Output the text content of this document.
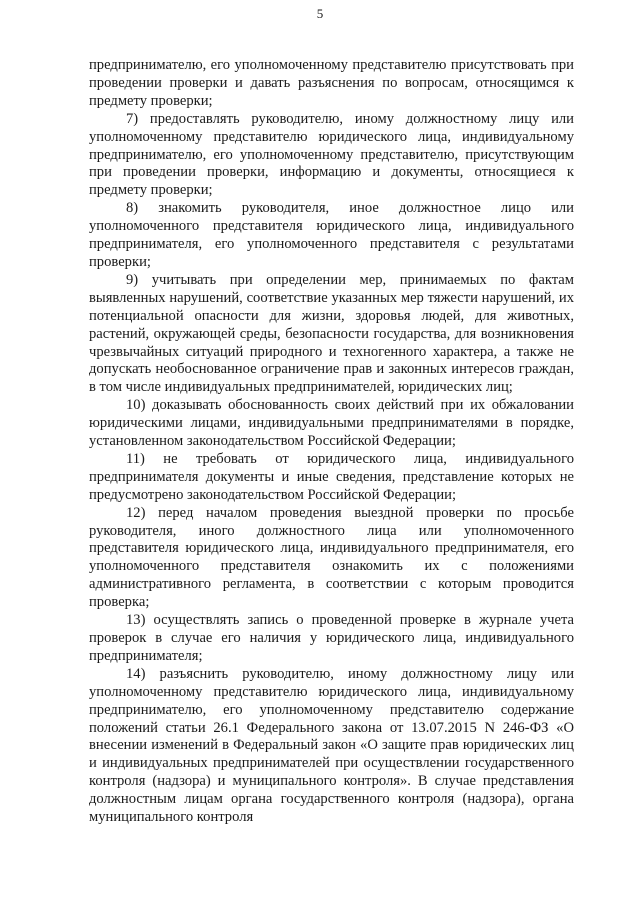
5

предпринимателю, его уполномоченному представителю присутствовать при проведении проверки и давать разъяснения по вопросам, относящимся к предмету проверки;

7) предоставлять руководителю, иному должностному лицу или уполномоченному представителю юридического лица, индивидуальному предпринимателю, его уполномоченному представителю, присутствующим при проведении проверки, информацию и документы, относящиеся к предмету проверки;

8) знакомить руководителя, иное должностное лицо или уполномоченного представителя юридического лица, индивидуального предпринимателя, его уполномоченного представителя с результатами проверки;

9) учитывать при определении мер, принимаемых по фактам выявленных нарушений, соответствие указанных мер тяжести нарушений, их потенциальной опасности для жизни, здоровья людей, для животных, растений, окружающей среды, безопасности государства, для возникновения чрезвычайных ситуаций природного и техногенного характера, а также не допускать необоснованное ограничение прав и законных интересов граждан, в том числе индивидуальных предпринимателей, юридических лиц;

10) доказывать обоснованность своих действий при их обжаловании юридическими лицами, индивидуальными предпринимателями в порядке, установленном законодательством Российской Федерации;

11) не требовать от юридического лица, индивидуального предпринимателя документы и иные сведения, представление которых не предусмотрено законодательством Российской Федерации;

12) перед началом проведения выездной проверки по просьбе руководителя, иного должностного лица или уполномоченного представителя юридического лица, индивидуального предпринимателя, его уполномоченного представителя ознакомить их с положениями административного регламента, в соответствии с которым проводится проверка;

13) осуществлять запись о проведенной проверке в журнале учета проверок в случае его наличия у юридического лица, индивидуального предпринимателя;

14) разъяснить руководителю, иному должностному лицу или уполномоченному представителю юридического лица, индивидуальному предпринимателю, его уполномоченному представителю содержание положений статьи 26.1 Федерального закона от 13.07.2015 N 246-ФЗ «О внесении изменений в Федеральный закон «О защите прав юридических лиц и индивидуальных предпринимателей при осуществлении государственного контроля (надзора) и муниципального контроля». В случае представления должностным лицам органа государственного контроля (надзора), органа муниципального контроля
